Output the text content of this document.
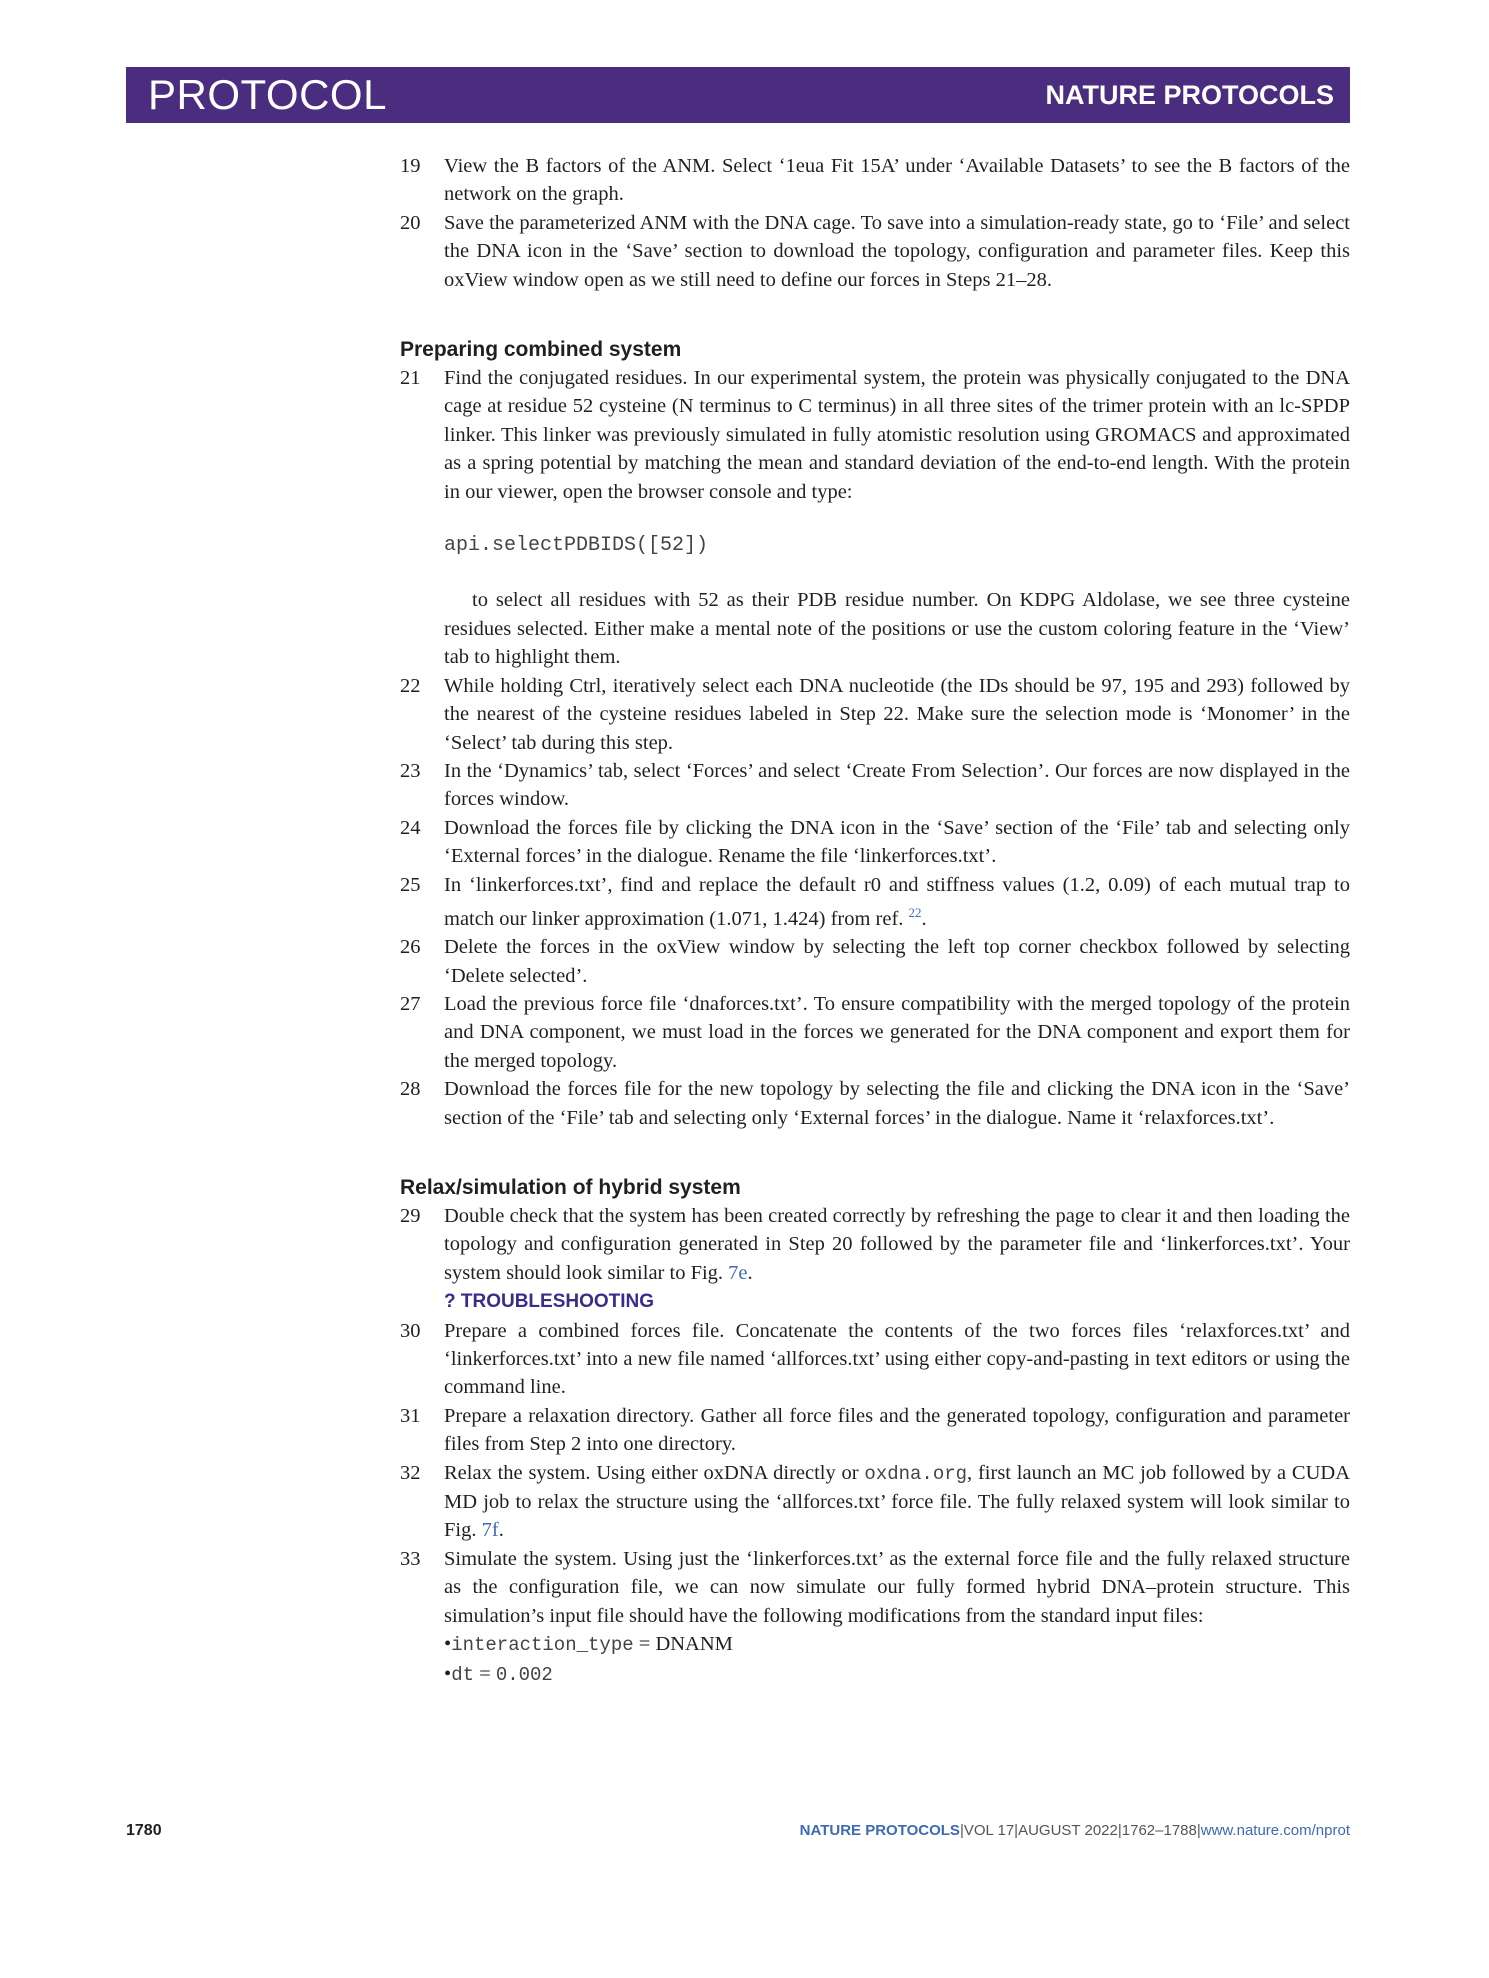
PROTOCOL	NATURE PROTOCOLS
19	View the B factors of the ANM. Select ‘1eua Fit 15A’ under ‘Available Datasets’ to see the B factors of the network on the graph.
20	Save the parameterized ANM with the DNA cage. To save into a simulation-ready state, go to ‘File’ and select the DNA icon in the ‘Save’ section to download the topology, configuration and parameter files. Keep this oxView window open as we still need to define our forces in Steps 21–28.
Preparing combined system
21	Find the conjugated residues. In our experimental system, the protein was physically conjugated to the DNA cage at residue 52 cysteine (N terminus to C terminus) in all three sites of the trimer protein with an lc-SPDP linker. This linker was previously simulated in fully atomistic resolution using GROMACS and approximated as a spring potential by matching the mean and standard deviation of the end-to-end length. With the protein in our viewer, open the browser console and type:
api.selectPDBIDS([52])
to select all residues with 52 as their PDB residue number. On KDPG Aldolase, we see three cysteine residues selected. Either make a mental note of the positions or use the custom coloring feature in the ‘View’ tab to highlight them.
22	While holding Ctrl, iteratively select each DNA nucleotide (the IDs should be 97, 195 and 293) followed by the nearest of the cysteine residues labeled in Step 22. Make sure the selection mode is ‘Monomer’ in the ‘Select’ tab during this step.
23	In the ‘Dynamics’ tab, select ‘Forces’ and select ‘Create From Selection’. Our forces are now displayed in the forces window.
24	Download the forces file by clicking the DNA icon in the ‘Save’ section of the ‘File’ tab and selecting only ‘External forces’ in the dialogue. Rename the file ‘linkerforces.txt’.
25	In ‘linkerforces.txt’, find and replace the default r0 and stiffness values (1.2, 0.09) of each mutual trap to match our linker approximation (1.071, 1.424) from ref. $^{22}$.
26	Delete the forces in the oxView window by selecting the left top corner checkbox followed by selecting ‘Delete selected’.
27	Load the previous force file ‘dnaforces.txt’. To ensure compatibility with the merged topology of the protein and DNA component, we must load in the forces we generated for the DNA component and export them for the merged topology.
28	Download the forces file for the new topology by selecting the file and clicking the DNA icon in the ‘Save’ section of the ‘File’ tab and selecting only ‘External forces’ in the dialogue. Name it ‘relaxforces.txt’.
Relax/simulation of hybrid system
29	Double check that the system has been created correctly by refreshing the page to clear it and then loading the topology and configuration generated in Step 20 followed by the parameter file and ‘linkerforces.txt’. Your system should look similar to Fig. 7e.
? TROUBLESHOOTING
30	Prepare a combined forces file. Concatenate the contents of the two forces files ‘relaxforces.txt’ and ‘linkerforces.txt’ into a new file named ‘allforces.txt’ using either copy-and-pasting in text editors or using the command line.
31	Prepare a relaxation directory. Gather all force files and the generated topology, configuration and parameter files from Step 2 into one directory.
32	Relax the system. Using either oxDNA directly or oxdna.org, first launch an MC job followed by a CUDA MD job to relax the structure using the ‘allforces.txt’ force file. The fully relaxed system will look similar to Fig. 7f.
33	Simulate the system. Using just the ‘linkerforces.txt’ as the external force file and the fully relaxed structure as the configuration file, we can now simulate our fully formed hybrid DNA–protein structure. This simulation’s input file should have the following modifications from the standard input files:
•interaction_type = DNANM
•dt = 0.002
1780	NATURE PROTOCOLS|VOL 17|AUGUST 2022|1762–1788|www.nature.com/nprot
